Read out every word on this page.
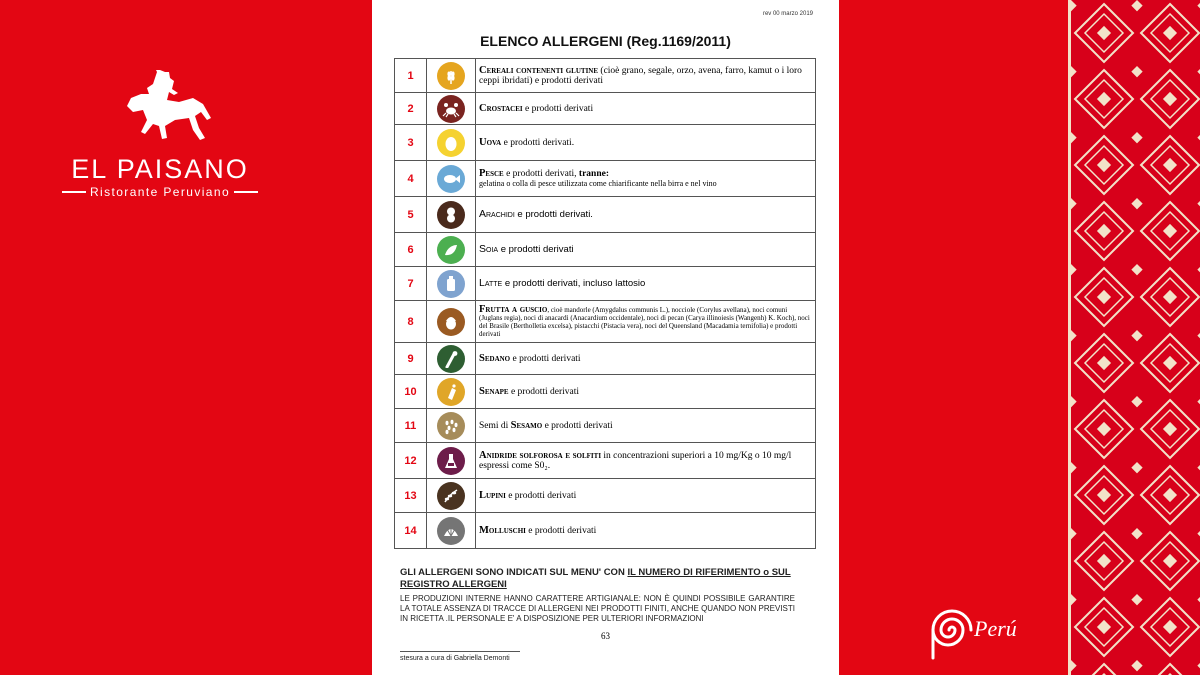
EL PAISANO
Ristorante Peruviano
rev 00 marzo 2019
ELENCO ALLERGENI (Reg.1169/2011)
1		Cereali contenenti glutine (cioè grano, segale, orzo, avena, farro, kamut o i loro ceppi ibridati) e prodotti derivati
2		Crostacei e prodotti derivati
3		Uova e prodotti derivati.
4		Pesce e prodotti derivati, tranne:
gelatina o colla di pesce utilizzata come chiarificante nella birra e nel vino
5		Arachidi e prodotti derivati.
6		Soia e prodotti derivati
7		Latte e prodotti derivati, incluso lattosio
8		Frutta a guscio, cioè mandorle (Amygdalus communis L.), nocciole (Corylus avellana), noci comuni (Juglans regia), noci di anacardi (Anacardium occidentale), noci di pecan (Carya illinoiesis (Wangenh) K. Koch), noci del Brasile (Bertholletia excelsa), pistacchi (Pistacia vera), noci del Queensland (Macadamia ternifolia) e prodotti derivati
9		Sedano e prodotti derivati
10		Senape e prodotti derivati
11		Semi di Sesamo e prodotti derivati
12		Anidride solforosa e solfiti in concentrazioni superiori a 10 mg/Kg o 10 mg/l espressi come S0₂.
13		Lupini e prodotti derivati
14		Molluschi e prodotti derivati
GLI ALLERGENI SONO INDICATI SUL MENU' CON IL NUMERO DI RIFERIMENTO o SUL REGISTRO ALLERGENI
LE PRODUZIONI INTERNE HANNO CARATTERE ARTIGIANALE: NON È QUINDI POSSIBILE GARANTIRE LA TOTALE ASSENZA DI TRACCE DI ALLERGENI NEI PRODOTTI FINITI, ANCHE QUANDO NON PREVISTI IN RICETTA .IL PERSONALE E' A DISPOSIZIONE PER ULTERIORI INFORMAZIONI
63
stesura a cura di Gabriella Demonti
Perú
